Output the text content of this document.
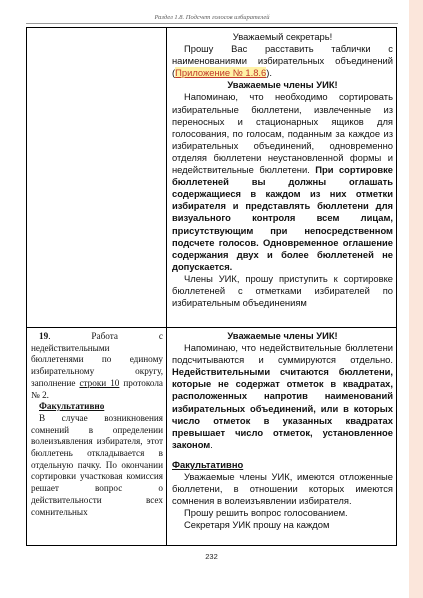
Раздел 1.8. Подсчет голосов избирателей

Уважаемый секретарь!

Прошу Вас расставить таблички с наименованиями избирательных объединений (Приложение № 1.8.6).

Уважаемые члены УИК!

Напоминаю, что необходимо сортировать избирательные бюллетени, извлеченные из переносных и стационарных ящиков для голосования, по голосам, поданным за каждое из избирательных объединений, одновременно отделяя бюллетени неустановленной формы и недействительные бюллетени. При сортировке бюллетеней вы должны оглашать содержащиеся в каждом из них отметки избирателя и представлять бюллетени для визуального контроля всем лицам, присутствующим при непосредственном подсчете голосов. Одновременное оглашение содержания двух и более бюллетеней не допускается.

Члены УИК, прошу приступить к сортировке бюллетеней с отметками избирателей по избирательным объединениям

19. Работа с недействительными бюллетенями по единому избирательному округу, заполнение строки 10 протокола № 2.

Факультативно

В случае возникновения сомнений в определении волеизъявления избирателя, этот бюллетень откладывается в отдельную пачку. По окончании сортировки участковая комиссия решает вопрос о действительности всех сомнительных

Уважаемые члены УИК!

Напоминаю, что недействительные бюллетени подсчитываются и суммируются отдельно. Недействительными считаются бюллетени, которые не содержат отметок в квадратах, расположенных напротив наименований избирательных объединений, или в которых число отметок в указанных квадратах превышает число отметок, установленное законом.

Факультативно

Уважаемые члены УИК, имеются отложенные бюллетени, в отношении которых имеются сомнения в волеизъявлении избирателя.

Прошу решить вопрос голосованием.

Секретаря УИК прошу на каждом

232
